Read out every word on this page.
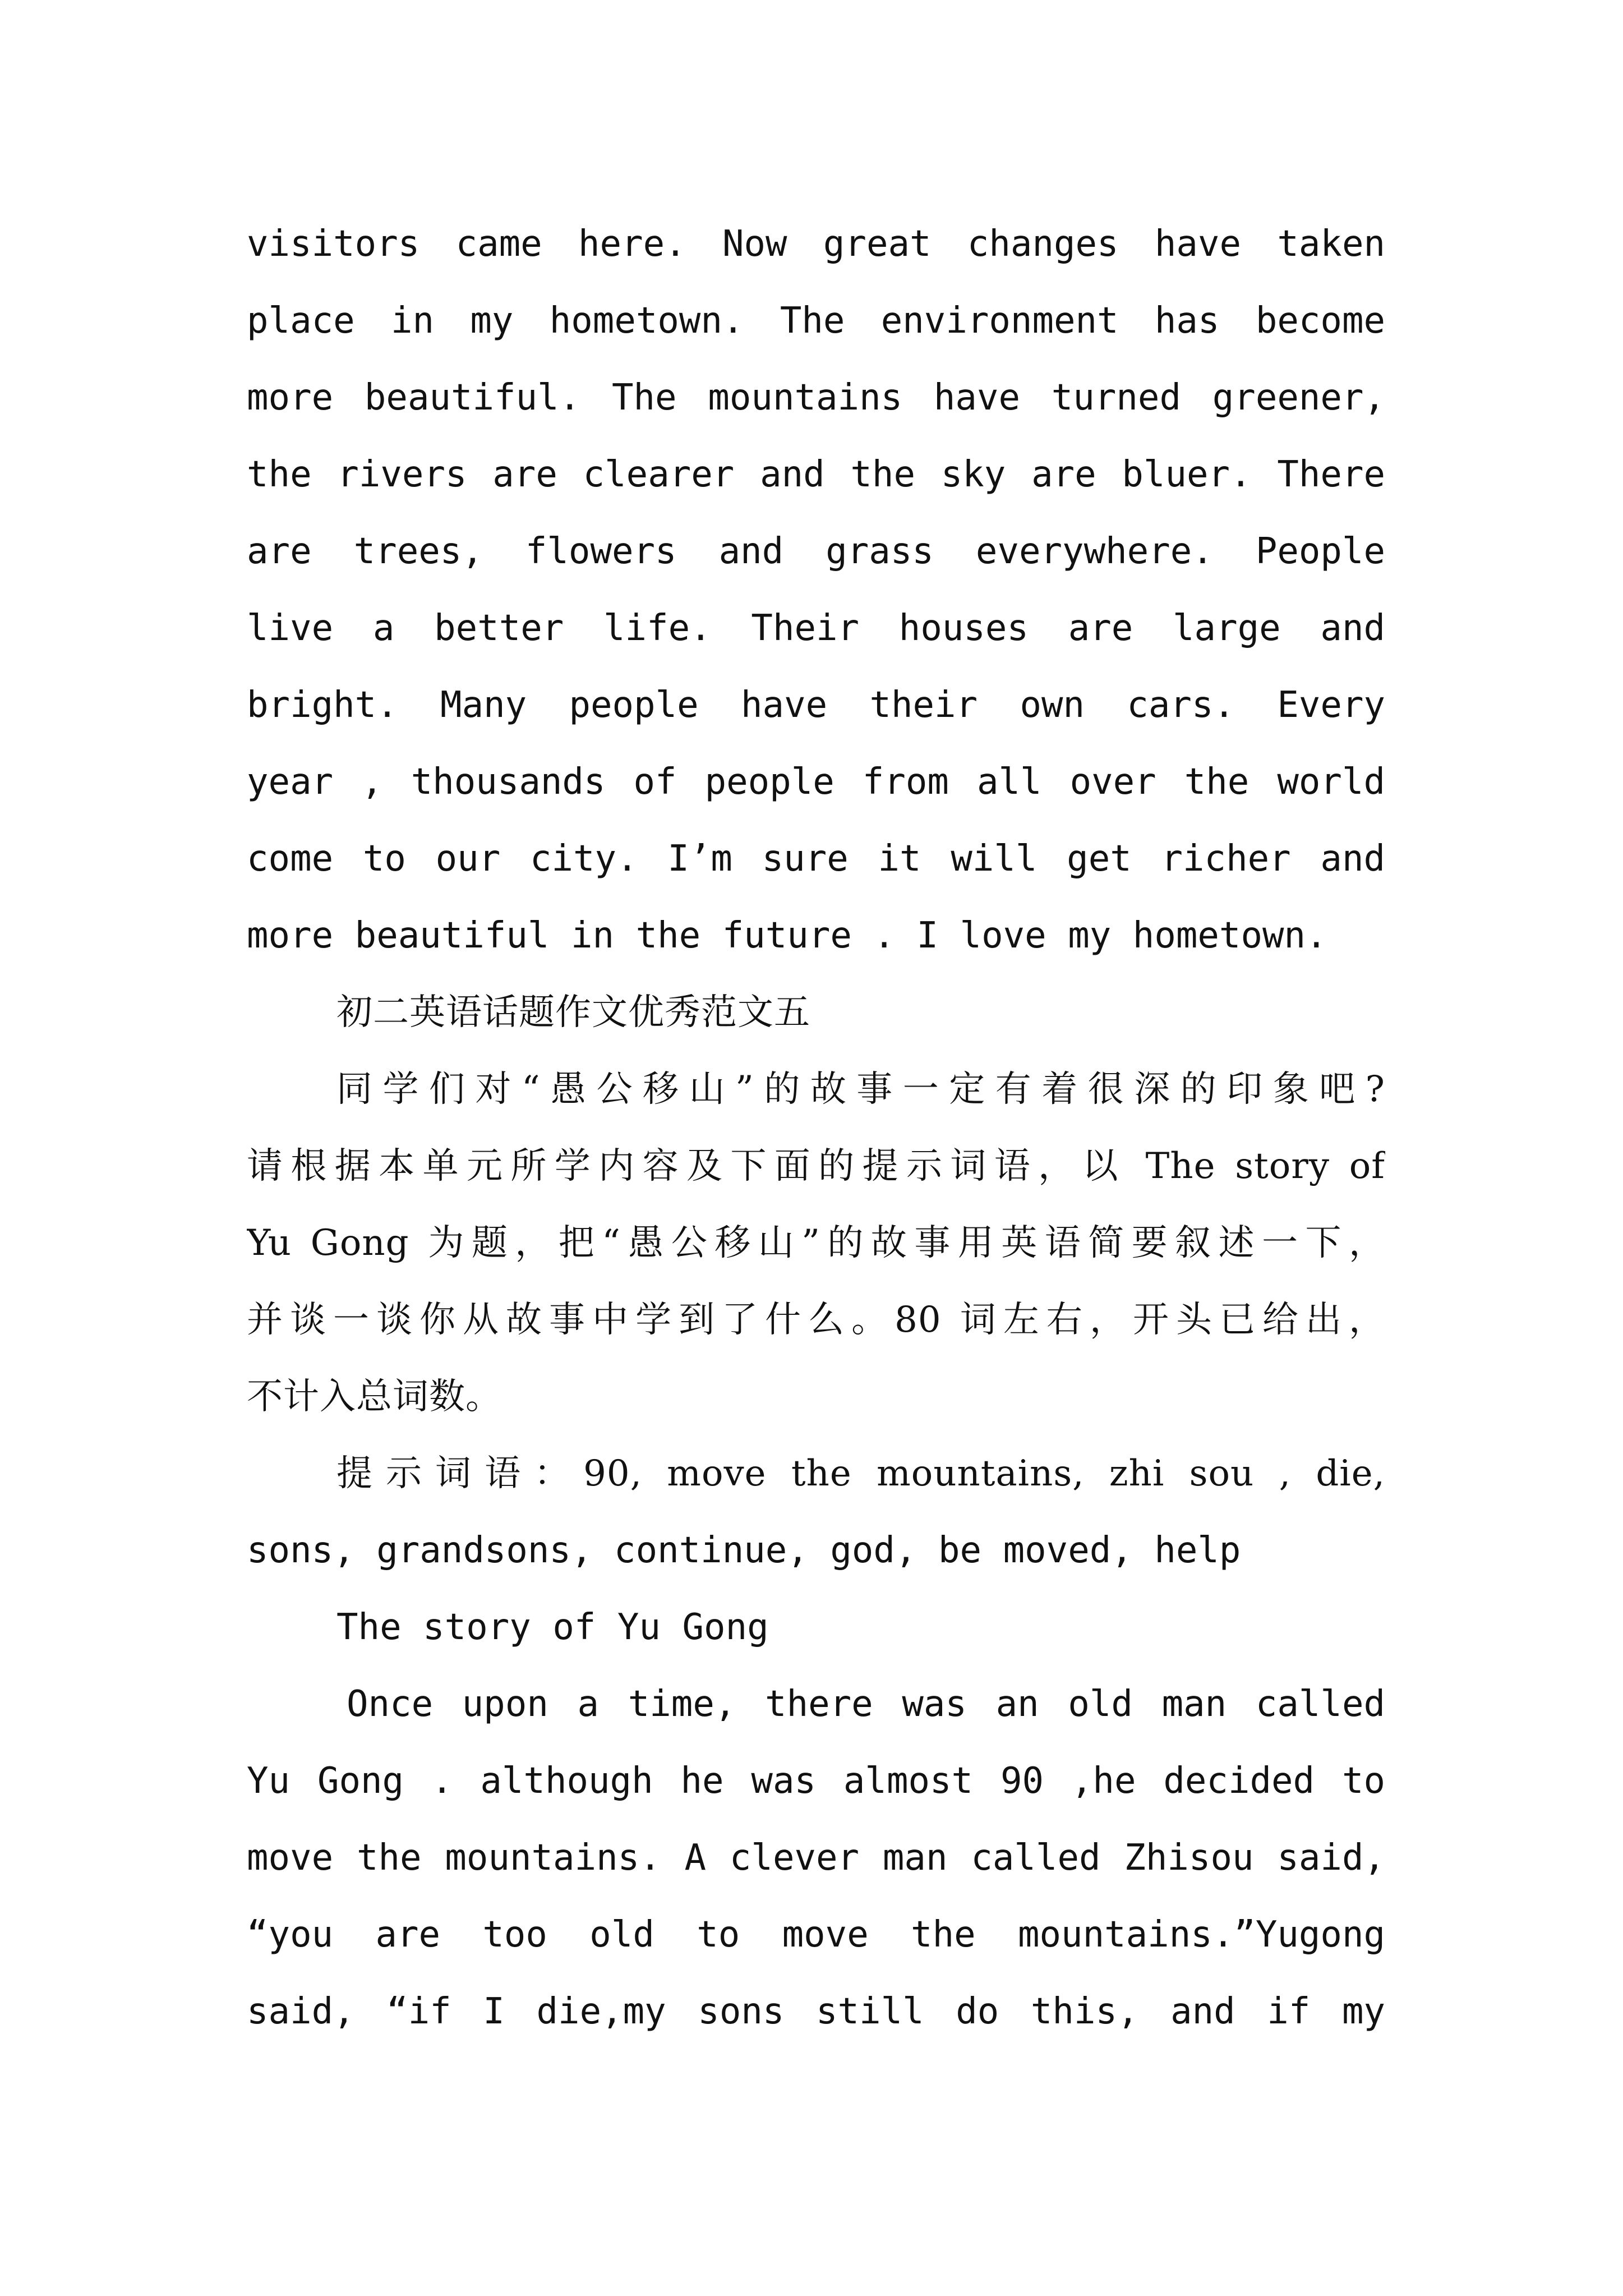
visitors came here. Now great changes have taken
place in my hometown. The environment has become
more beautiful. The mountains have turned greener,
the rivers are clearer and the sky are bluer. There
are trees, flowers and grass everywhere. People
live a better life. Their houses are large and
bright. Many people have their own cars. Every
year , thousands of people from all over the world
come to our city. I’m sure it will get richer and
more beautiful in the future . I love my hometown.
初二英语话题作文优秀范文五
同学们对“愚公移山”的故事一定有着很深的印象吧?
请根据本单元所学内容及下面的提示词语，以 The story of
Yu Gong 为题，把“愚公移山”的故事用英语简要叙述一下，
并谈一谈你从故事中学到了什么。80 词左右，开头已给出，
不计入总词数。
提示词语：90, move the mountains, zhi sou , die,
sons, grandsons, continue, god, be moved, help
The story of Yu Gong
Once upon a time, there was an old man called
Yu Gong . although he was almost 90 ,he decided to
move the mountains. A clever man called Zhisou said,
“you are too old to move the mountains.”Yugong
said, “if I die,my sons still do this, and if my
